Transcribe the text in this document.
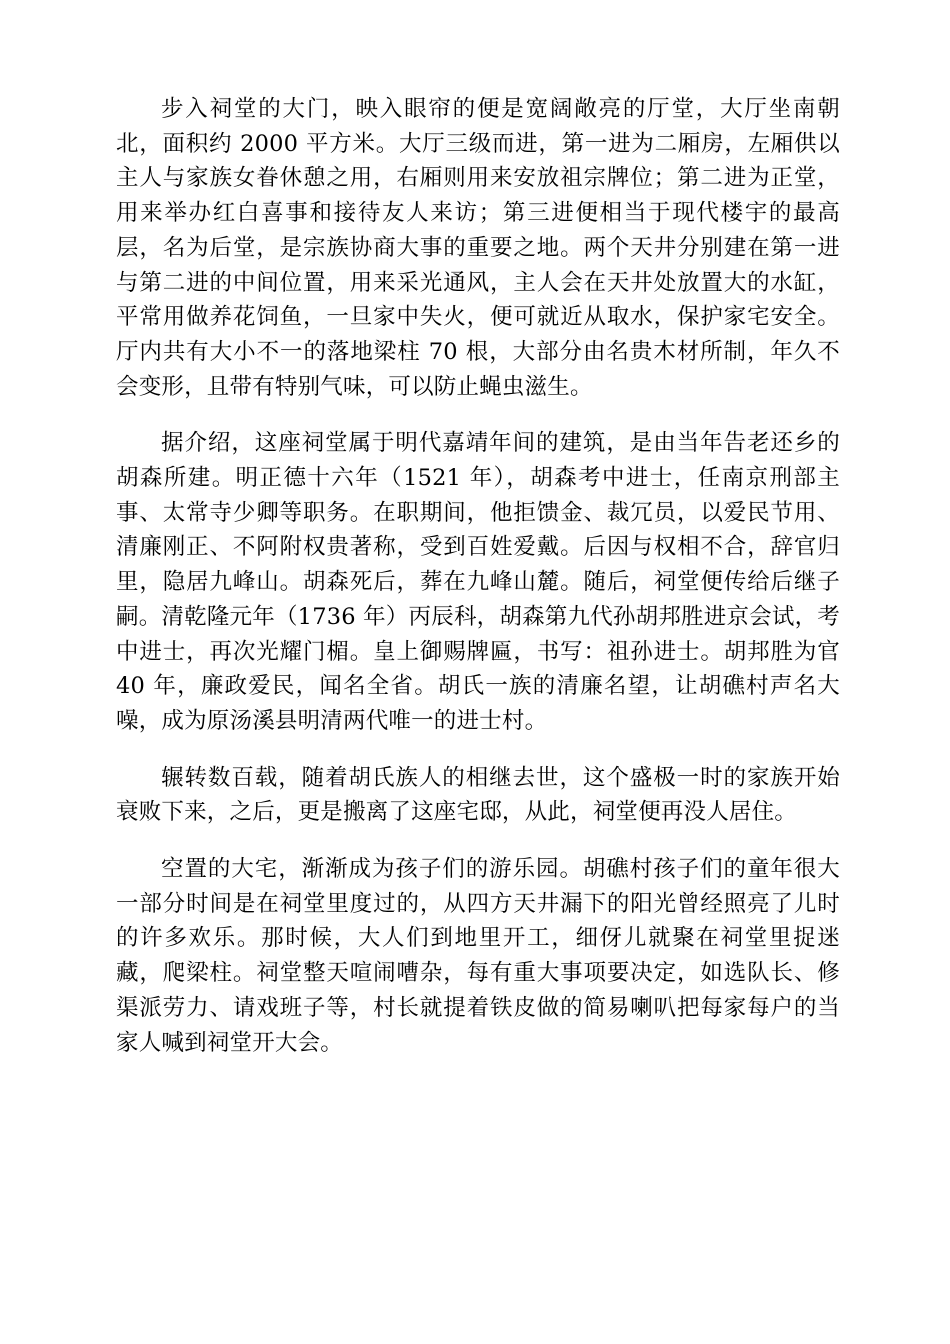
步入祠堂的大门，映入眼帘的便是宽阔敞亮的厅堂，大厅坐南朝北，面积约 2000 平方米。大厅三级而进，第一进为二厢房，左厢供以主人与家族女眷休憩之用，右厢则用来安放祖宗牌位；第二进为正堂，用来举办红白喜事和接待友人来访；第三进便相当于现代楼宇的最高层，名为后堂，是宗族协商大事的重要之地。两个天井分别建在第一进与第二进的中间位置，用来采光通风，主人会在天井处放置大的水缸，平常用做养花饲鱼，一旦家中失火，便可就近从取水，保护家宅安全。厅内共有大小不一的落地梁柱 70 根，大部分由名贵木材所制，年久不会变形，且带有特别气味，可以防止蝇虫滋生。

据介绍，这座祠堂属于明代嘉靖年间的建筑，是由当年告老还乡的胡森所建。明正德十六年（1521 年），胡森考中进士，任南京刑部主事、太常寺少卿等职务。在职期间，他拒馈金、裁冗员，以爱民节用、清廉刚正、不阿附权贵著称，受到百姓爱戴。后因与权相不合，辞官归里，隐居九峰山。胡森死后，葬在九峰山麓。随后，祠堂便传给后继子嗣。清乾隆元年（1736 年）丙辰科，胡森第九代孙胡邦胜进京会试，考中进士，再次光耀门楣。皇上御赐牌匾，书写：祖孙进士。胡邦胜为官 40 年，廉政爱民，闻名全省。胡氏一族的清廉名望，让胡礁村声名大噪，成为原汤溪县明清两代唯一的进士村。

辗转数百载，随着胡氏族人的相继去世，这个盛极一时的家族开始衰败下来，之后，更是搬离了这座宅邸，从此，祠堂便再没人居住。

空置的大宅，渐渐成为孩子们的游乐园。胡礁村孩子们的童年很大一部分时间是在祠堂里度过的，从四方天井漏下的阳光曾经照亮了儿时的许多欢乐。那时候，大人们到地里开工，细伢儿就聚在祠堂里捉迷藏，爬梁柱。祠堂整天喧闹嘈杂，每有重大事项要决定，如选队长、修渠派劳力、请戏班子等，村长就提着铁皮做的简易喇叭把每家每户的当家人喊到祠堂开大会。
